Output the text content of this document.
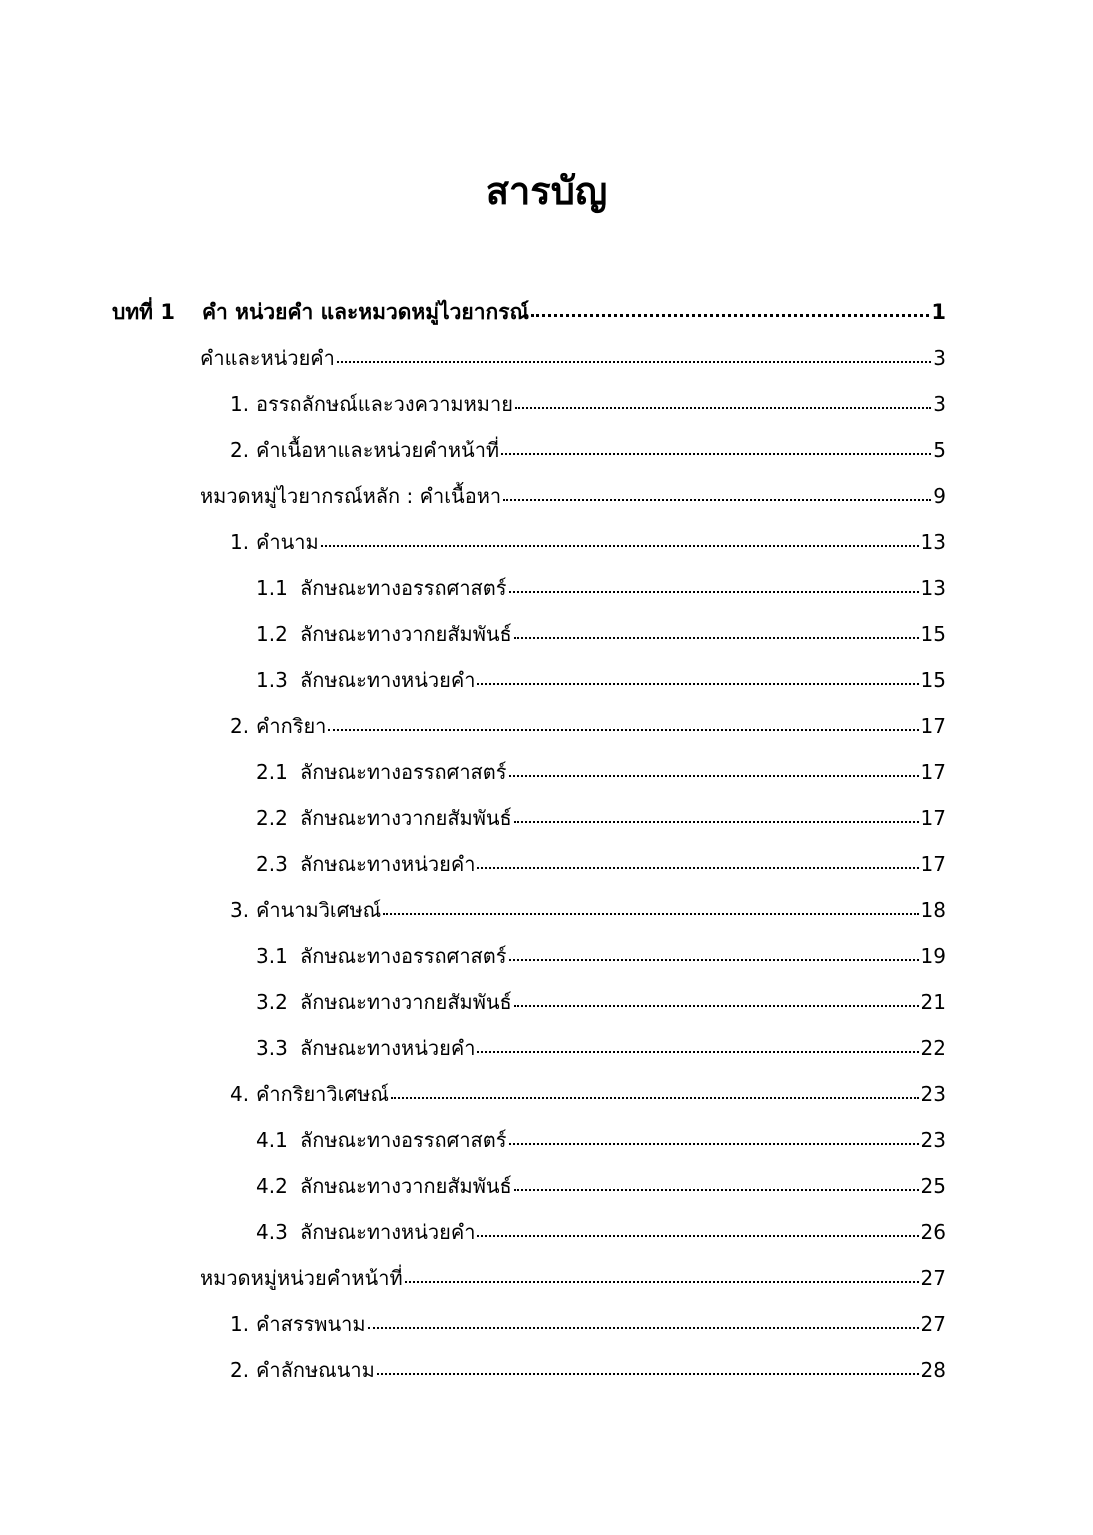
สารบัญ
บทที่ 1	คำ หน่วยคำ และหมวดหมู่ไวยากรณ์	1
คำและหน่วยคำ	3
1. อรรถลักษณ์และวงความหมาย	3
2. คำเนื้อหาและหน่วยคำหน้าที่	5
หมวดหมู่ไวยากรณ์หลัก : คำเนื้อหา	9
1. คำนาม	13
1.1 ลักษณะทางอรรถศาสตร์	13
1.2 ลักษณะทางวากยสัมพันธ์	15
1.3 ลักษณะทางหน่วยคำ	15
2. คำกริยา	17
2.1 ลักษณะทางอรรถศาสตร์	17
2.2 ลักษณะทางวากยสัมพันธ์	17
2.3 ลักษณะทางหน่วยคำ	17
3. คำนามวิเศษณ์	18
3.1 ลักษณะทางอรรถศาสตร์	19
3.2 ลักษณะทางวากยสัมพันธ์	21
3.3 ลักษณะทางหน่วยคำ	22
4. คำกริยาวิเศษณ์	23
4.1 ลักษณะทางอรรถศาสตร์	23
4.2 ลักษณะทางวากยสัมพันธ์	25
4.3 ลักษณะทางหน่วยคำ	26
หมวดหมู่หน่วยคำหน้าที่	27
1. คำสรรพนาม	27
2. คำลักษณนาม	28
